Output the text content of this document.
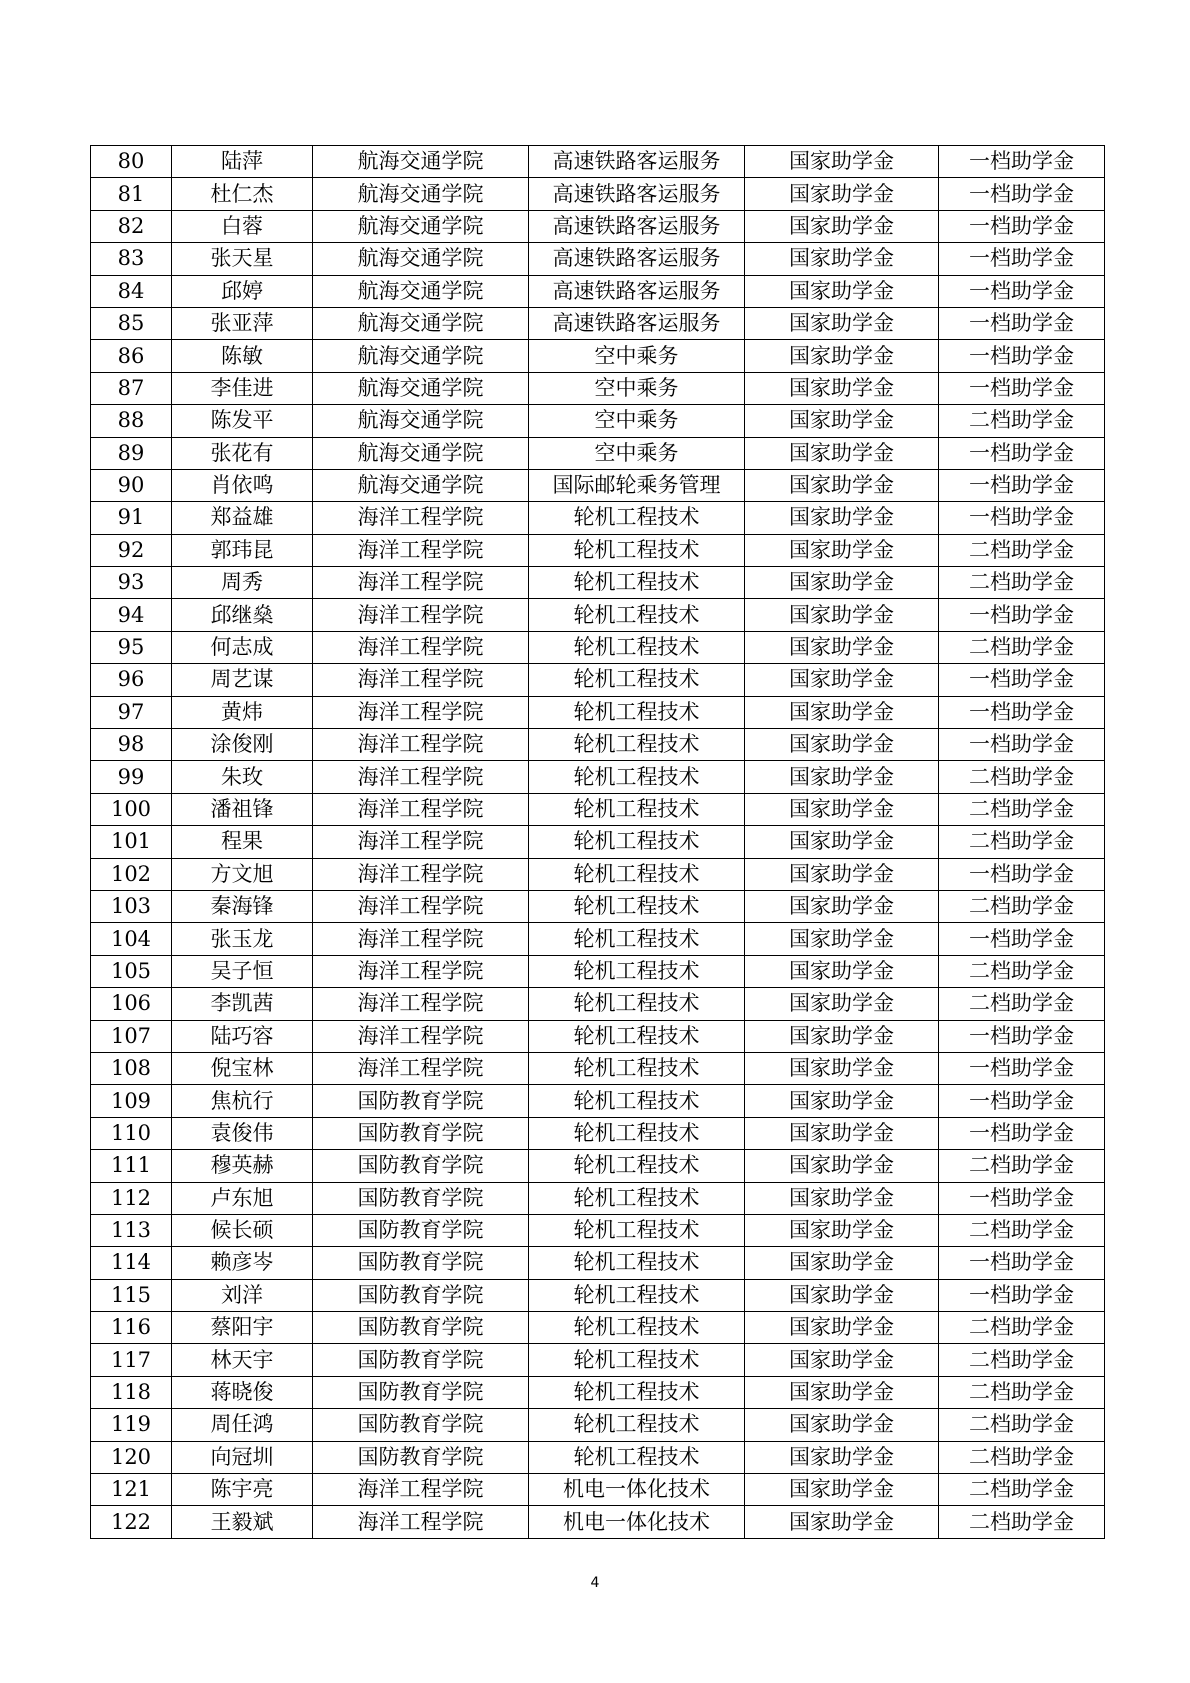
80	陆萍	航海交通学院	高速铁路客运服务	国家助学金	一档助学金
81	杜仁杰	航海交通学院	高速铁路客运服务	国家助学金	一档助学金
82	白蓉	航海交通学院	高速铁路客运服务	国家助学金	一档助学金
83	张天星	航海交通学院	高速铁路客运服务	国家助学金	一档助学金
84	邱婷	航海交通学院	高速铁路客运服务	国家助学金	一档助学金
85	张亚萍	航海交通学院	高速铁路客运服务	国家助学金	一档助学金
86	陈敏	航海交通学院	空中乘务	国家助学金	一档助学金
87	李佳进	航海交通学院	空中乘务	国家助学金	一档助学金
88	陈发平	航海交通学院	空中乘务	国家助学金	二档助学金
89	张花有	航海交通学院	空中乘务	国家助学金	一档助学金
90	肖依鸣	航海交通学院	国际邮轮乘务管理	国家助学金	一档助学金
91	郑益雄	海洋工程学院	轮机工程技术	国家助学金	一档助学金
92	郭玮昆	海洋工程学院	轮机工程技术	国家助学金	二档助学金
93	周秀	海洋工程学院	轮机工程技术	国家助学金	二档助学金
94	邱继燊	海洋工程学院	轮机工程技术	国家助学金	一档助学金
95	何志成	海洋工程学院	轮机工程技术	国家助学金	二档助学金
96	周艺谋	海洋工程学院	轮机工程技术	国家助学金	一档助学金
97	黄炜	海洋工程学院	轮机工程技术	国家助学金	一档助学金
98	涂俊刚	海洋工程学院	轮机工程技术	国家助学金	一档助学金
99	朱玫	海洋工程学院	轮机工程技术	国家助学金	二档助学金
100	潘祖锋	海洋工程学院	轮机工程技术	国家助学金	二档助学金
101	程果	海洋工程学院	轮机工程技术	国家助学金	二档助学金
102	方文旭	海洋工程学院	轮机工程技术	国家助学金	一档助学金
103	秦海锋	海洋工程学院	轮机工程技术	国家助学金	二档助学金
104	张玉龙	海洋工程学院	轮机工程技术	国家助学金	一档助学金
105	吴子恒	海洋工程学院	轮机工程技术	国家助学金	二档助学金
106	李凯茜	海洋工程学院	轮机工程技术	国家助学金	二档助学金
107	陆巧容	海洋工程学院	轮机工程技术	国家助学金	一档助学金
108	倪宝林	海洋工程学院	轮机工程技术	国家助学金	一档助学金
109	焦杭行	国防教育学院	轮机工程技术	国家助学金	一档助学金
110	袁俊伟	国防教育学院	轮机工程技术	国家助学金	一档助学金
111	穆英赫	国防教育学院	轮机工程技术	国家助学金	二档助学金
112	卢东旭	国防教育学院	轮机工程技术	国家助学金	一档助学金
113	候长硕	国防教育学院	轮机工程技术	国家助学金	二档助学金
114	赖彦岑	国防教育学院	轮机工程技术	国家助学金	一档助学金
115	刘洋	国防教育学院	轮机工程技术	国家助学金	一档助学金
116	蔡阳宇	国防教育学院	轮机工程技术	国家助学金	二档助学金
117	林天宇	国防教育学院	轮机工程技术	国家助学金	二档助学金
118	蒋晓俊	国防教育学院	轮机工程技术	国家助学金	二档助学金
119	周任鸿	国防教育学院	轮机工程技术	国家助学金	二档助学金
120	向冠圳	国防教育学院	轮机工程技术	国家助学金	二档助学金
121	陈宇亮	海洋工程学院	机电一体化技术	国家助学金	二档助学金
122	王毅斌	海洋工程学院	机电一体化技术	国家助学金	二档助学金
4
